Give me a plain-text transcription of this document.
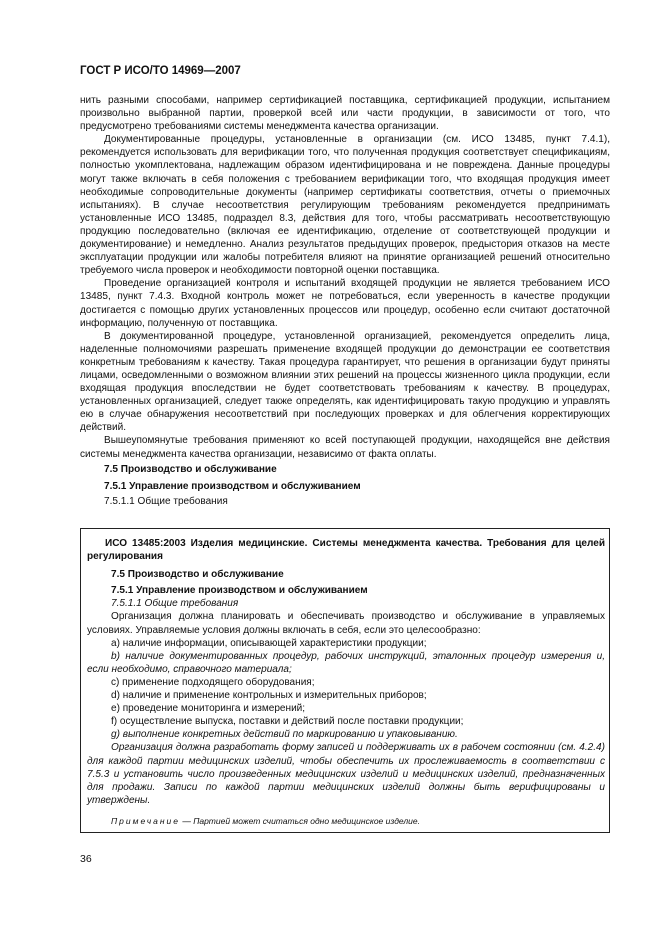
ГОСТ Р ИСО/ТО 14969—2007

нить разными способами, например сертификацией поставщика, сертификацией продукции, испытанием произвольно выбранной партии, проверкой всей или части продукции, в зависимости от того, что предусмотрено требованиями системы менеджмента качества организации.

Документированные процедуры, установленные в организации (см. ИСО 13485, пункт 7.4.1), рекомендуется использовать для верификации того, что полученная продукция соответствует спецификациям, полностью укомплектована, надлежащим образом идентифицирована и не повреждена. Данные процедуры могут также включать в себя положения с требованием верификации того, что входящая продукция имеет необходимые сопроводительные документы (например сертификаты соответствия, отчеты о приемочных испытаниях). В случае несоответствия регулирующим требованиям рекомендуется предпринимать установленные ИСО 13485, подраздел 8.3, действия для того, чтобы рассматривать несоответствующую продукцию последовательно (включая ее идентификацию, отделение от соответствующей продукции и документирование) и немедленно. Анализ результатов предыдущих проверок, предыстория отказов на месте эксплуатации продукции или жалобы потребителя влияют на принятие организацией решений относительно требуемого числа проверок и необходимости повторной оценки поставщика.

Проведение организацией контроля и испытаний входящей продукции не является требованием ИСО 13485, пункт 7.4.3. Входной контроль может не потребоваться, если уверенность в качестве продукции достигается с помощью других установленных процессов или процедур, особенно если считают достаточной информацию, полученную от поставщика.

В документированной процедуре, установленной организацией, рекомендуется определить лица, наделенные полномочиями разрешать применение входящей продукции до демонстрации ее соответствия конкретным требованиям к качеству. Такая процедура гарантирует, что решения в организации будут приняты лицами, осведомленными о возможном влиянии этих решений на процессы жизненного цикла продукции, если входящая продукция впоследствии не будет соответствовать требованиям к качеству. В процедурах, установленных организацией, следует также определять, как идентифицировать такую продукцию и управлять ею в случае обнаружения несоответствий при последующих проверках и для облегчения корректирующих действий.

Вышеупомянутые требования применяют ко всей поступающей продукции, находящейся вне действия системы менеджмента качества организации, независимо от факта оплаты.

7.5 Производство и обслуживание

7.5.1 Управление производством и обслуживанием

7.5.1.1 Общие требования

ИСО 13485:2003 Изделия медицинские. Системы менеджмента качества. Требования для целей регулирования

7.5 Производство и обслуживание

7.5.1 Управление производством и обслуживанием

7.5.1.1 Общие требования

Организация должна планировать и обеспечивать производство и обслуживание в управляемых условиях. Управляемые условия должны включать в себя, если это целесообразно:

a) наличие информации, описывающей характеристики продукции;

b) наличие документированных процедур, рабочих инструкций, эталонных процедур измерения и, если необходимо, справочного материала;

c) применение подходящего оборудования;

d) наличие и применение контрольных и измерительных приборов;

e) проведение мониторинга и измерений;

f) осуществление выпуска, поставки и действий после поставки продукции;

g) выполнение конкретных действий по маркированию и упаковыванию.

Организация должна разработать форму записей и поддерживать их в рабочем состоянии (см. 4.2.4) для каждой партии медицинских изделий, чтобы обеспечить их прослеживаемость в соответствии с 7.5.3 и установить число произведенных медицинских изделий и медицинских изделий, предназначенных для продажи. Записи по каждой партии медицинских изделий должны быть верифицированы и утверждены.

Примечание — Партией может считаться одно медицинское изделие.

36
